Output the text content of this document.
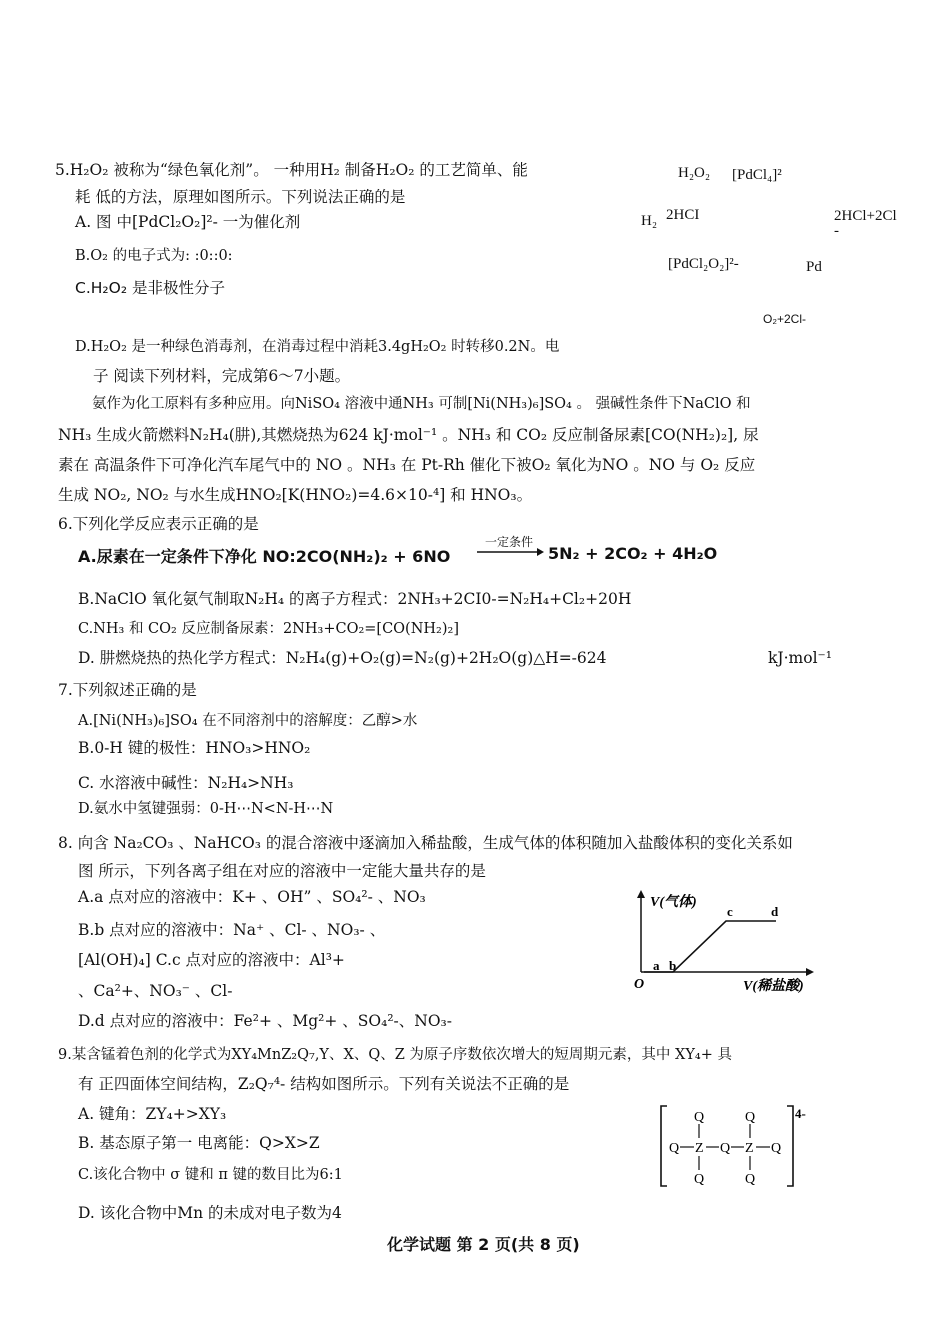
5.H₂O₂ 被称为“绿色氧化剂”。 一种用H₂ 制备H₂O₂ 的工艺简单、能
耗 低的方法，原理如图所示。下列说法正确的是
A. 图 中[PdCl₂O₂]²- 一为催化剂
B.O₂ 的电子式为: :0::0:
C.H₂O₂ 是非极性分子
D.H₂O₂ 是一种绿色消毒剂，在消毒过程中消耗3.4gH₂O₂ 时转移0.2N。电
子 阅读下列材料，完成第6～7小题。
H₂O₂ [PdCl₄]²
H₂ 2HCI	2HCl+2Cl
-
[PdCl₂O₂]²-	Pd
O₂+2Cl-
氨作为化工原料有多种应用。向NiSO₄ 溶液中通NH₃ 可制[Ni(NH₃)₆]SO₄ 。 强碱性条件下NaClO 和
NH₃ 生成火箭燃料N₂H₄(肼),其燃烧热为624 kJ·mol⁻¹ 。NH₃ 和 CO₂ 反应制备尿素[CO(NH₂)₂], 尿
素在 高温条件下可净化汽车尾气中的 NO 。NH₃ 在 Pt-Rh 催化下被O₂ 氧化为NO 。NO 与 O₂ 反应
生成 NO₂, NO₂ 与水生成HNO₂[K(HNO₂)=4.6×10-⁴] 和 HNO₃。
6.下列化学反应表示正确的是
A.尿素在一定条件下净化 NO:2CO(NH₂)₂ + 6NO
一定条件
5N₂ + 2CO₂ + 4H₂O
B.NaClO 氧化氨气制取N₂H₄ 的离子方程式：2NH₃+2CI0-=N₂H₄+Cl₂+20H
C.NH₃ 和 CO₂ 反应制备尿素：2NH₃+CO₂=[CO(NH₂)₂]
D. 肼燃烧热的热化学方程式：N₂H₄(g)+O₂(g)=N₂(g)+2H₂O(g)△H=-624	kJ·mol⁻¹
7.下列叙述正确的是
A.[Ni(NH₃)₆]SO₄ 在不同溶剂中的溶解度：乙醇>水
B.0-H 键的极性：HNO₃>HNO₂
C. 水溶液中碱性：N₂H₄>NH₃
D.氨水中氢键强弱：0-H⋯N<N-H⋯N
8. 向含 Na₂CO₃ 、NaHCO₃ 的混合溶液中逐滴加入稀盐酸，生成气体的体积随加入盐酸体积的变化关系如
图 所示，下列各离子组在对应的溶液中一定能大量共存的是
A.a 点对应的溶液中：K+ 、OH” 、SO₄²- 、NO₃
B.b 点对应的溶液中：Na⁺ 、Cl- 、NO₃- 、
[Al(OH)₄] C.c 点对应的溶液中：Al³+
、Ca²+、NO₃⁻ 、Cl-
D.d 点对应的溶液中：Fe²+ 、Mg²+ 、SO₄²-、NO₃-
V(气体)
V(稀盐酸)
O
a b
c	d
9.某含锰着色剂的化学式为XY₄MnZ₂Q₇,Y、X、Q、Z 为原子序数依次增大的短周期元素，其中 XY₄+ 具
有 正四面体空间结构，Z₂Q₇⁴- 结构如图所示。下列有关说法不正确的是
A. 键角：ZY₄+>XY₃
B. 基态原子第一 电离能：Q>X>Z
C.该化合物中 σ 键和 π 键的数目比为6:1
D. 该化合物中Mn 的未成对电子数为4
4-
Q	Q
Q Z Q Z Q
Q	Q
化学试题 第 2 页(共 8 页)
